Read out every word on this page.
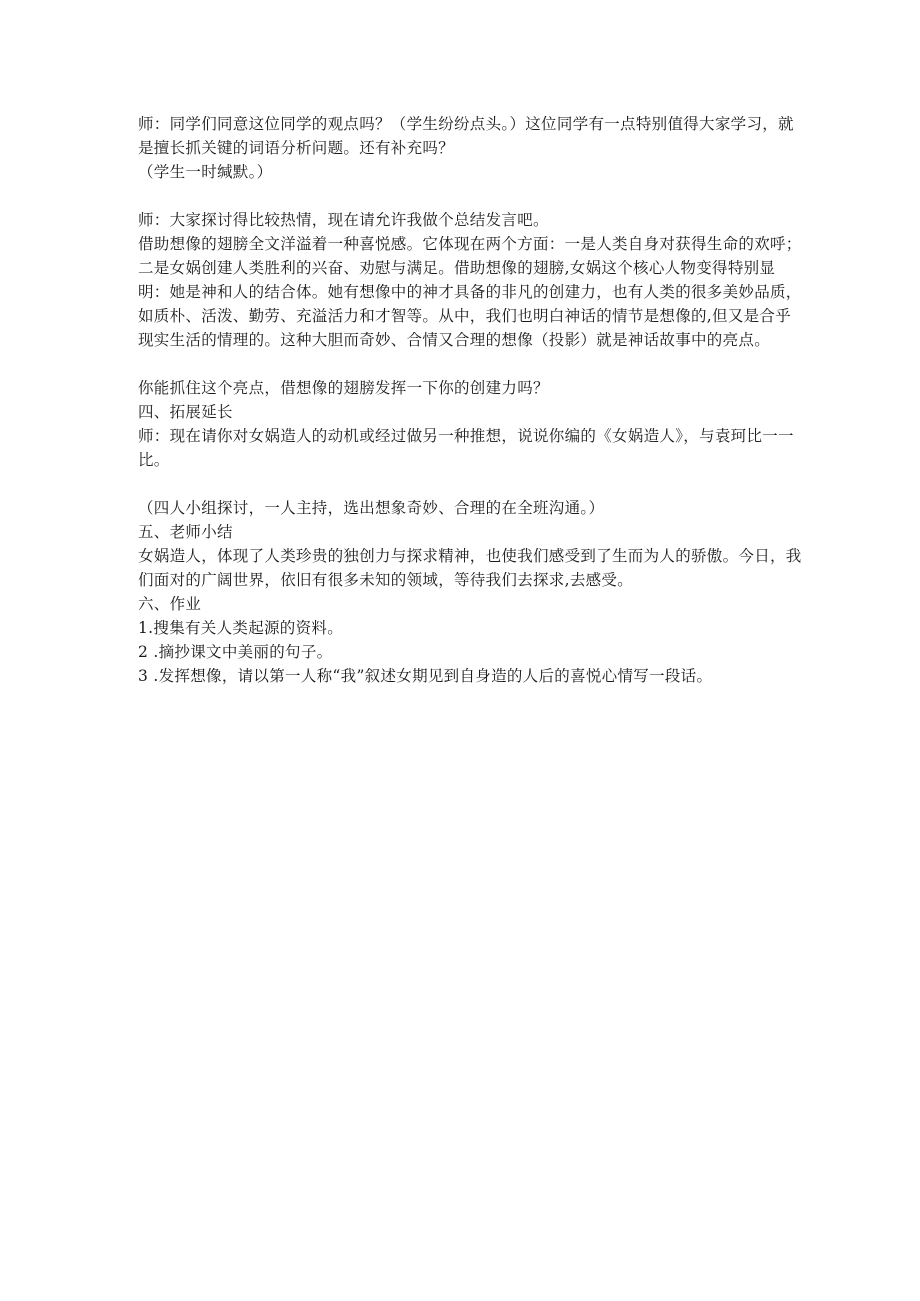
师：同学们同意这位同学的观点吗？（学生纷纷点头。）这位同学有一点特别值得大家学习，就是擅长抓关键的词语分析问题。还有补充吗？

（学生一时缄默。）

师：大家探讨得比较热情，现在请允许我做个总结发言吧。

借助想像的翅膀全文洋溢着一种喜悦感。它体现在两个方面：一是人类自身对获得生命的欢呼；二是女娲创建人类胜利的兴奋、劝慰与满足。借助想像的翅膀,女娲这个核心人物变得特别显明：她是神和人的结合体。她有想像中的神才具备的非凡的创建力，也有人类的很多美妙品质，如质朴、活泼、勤劳、充溢活力和才智等。从中，我们也明白神话的情节是想像的,但又是合乎现实生活的情理的。这种大胆而奇妙、合情又合理的想像（投影）就是神话故事中的亮点。

你能抓住这个亮点，借想像的翅膀发挥一下你的创建力吗？

四、拓展延长

师：现在请你对女娲造人的动机或经过做另一种推想，说说你编的《女娲造人》，与袁珂比一一比。

（四人小组探讨，一人主持，选出想象奇妙、合理的在全班沟通。）

五、老师小结

女娲造人，体现了人类珍贵的独创力与探求精神，也使我们感受到了生而为人的骄傲。今日，我们面对的广阔世界，依旧有很多未知的领域，等待我们去探求,去感受。

六、作业

1.搜集有关人类起源的资料。

2 .摘抄课文中美丽的句子。

3 .发挥想像，请以第一人称“我”叙述女期见到自身造的人后的喜悦心情写一段话。
